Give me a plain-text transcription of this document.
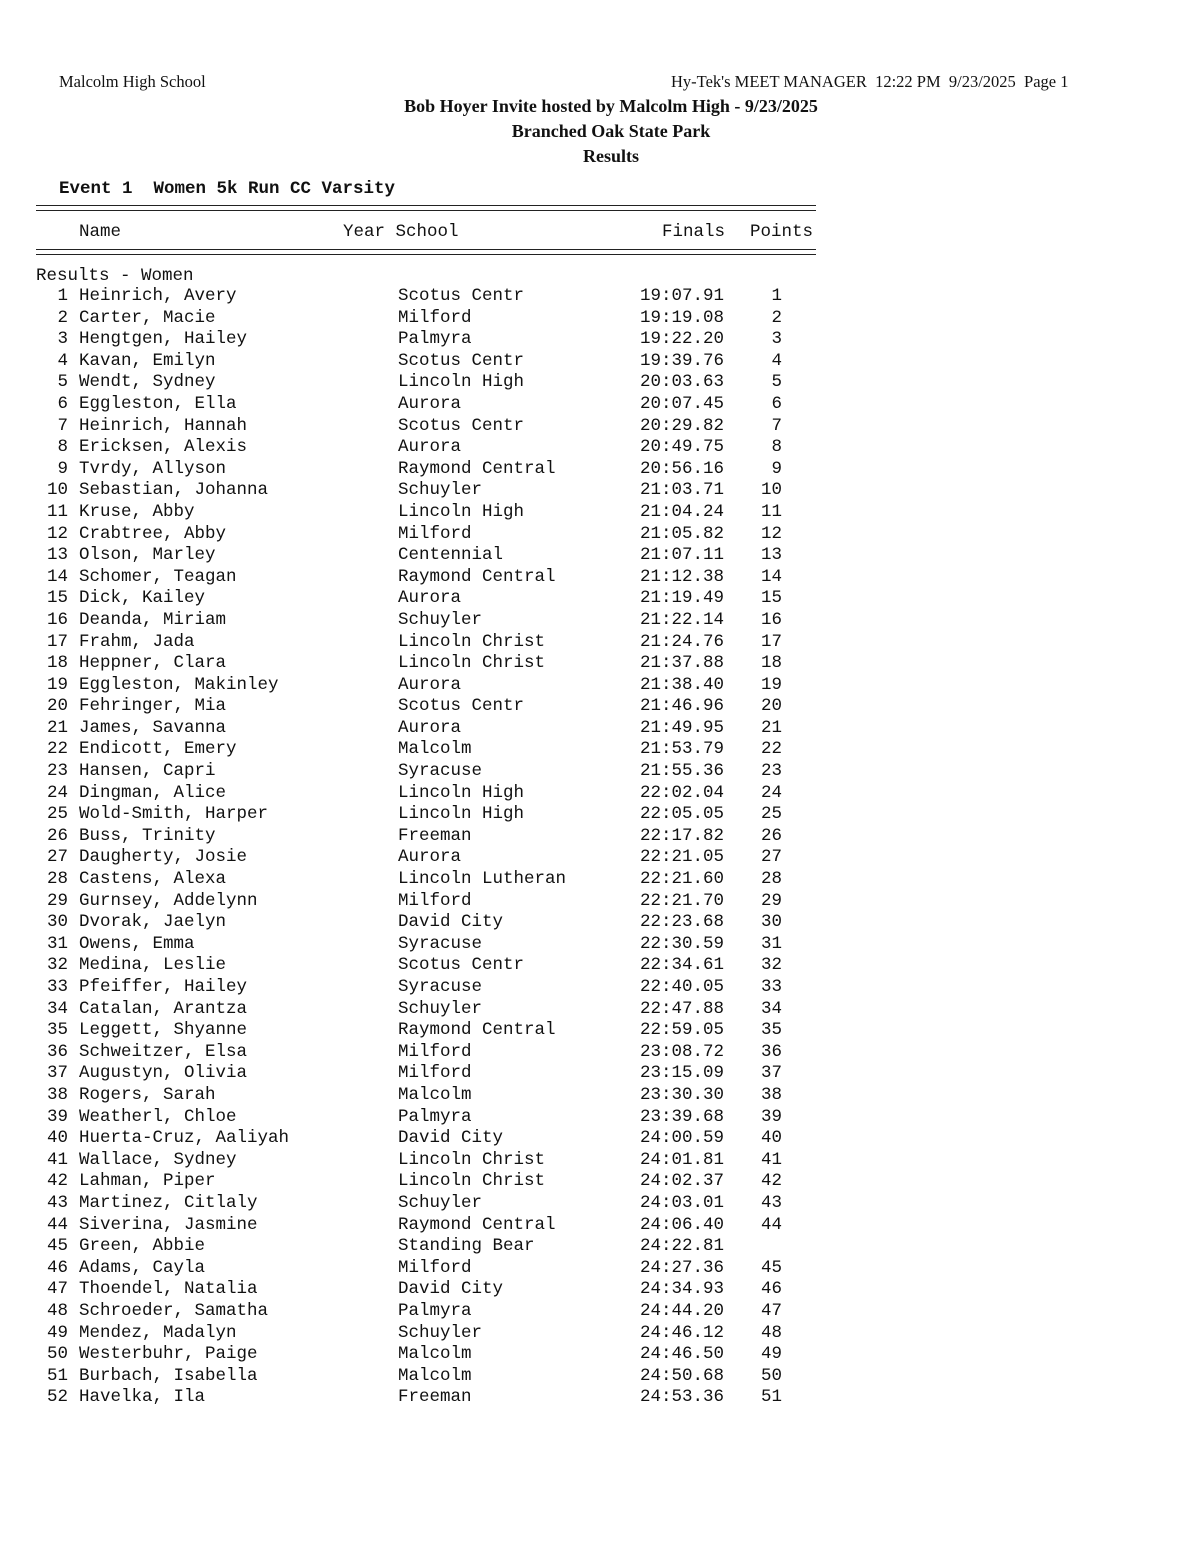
Malcolm High School	Hy-Tek's MEET MANAGER  12:22 PM  9/23/2025  Page 1
Bob Hoyer Invite hosted by Malcolm High - 9/23/2025
Branched Oak State Park
Results
Event 1  Women 5k Run CC Varsity
Name	Year School	Finals Points
Results - Women
1 Heinrich, Avery	Scotus Centr	19:07.91	1
2 Carter, Macie	Milford	19:19.08	2
3 Hengtgen, Hailey	Palmyra	19:22.20	3
4 Kavan, Emilyn	Scotus Centr	19:39.76	4
5 Wendt, Sydney	Lincoln High	20:03.63	5
6 Eggleston, Ella	Aurora	20:07.45	6
7 Heinrich, Hannah	Scotus Centr	20:29.82	7
8 Ericksen, Alexis	Aurora	20:49.75	8
9 Tvrdy, Allyson	Raymond Central	20:56.16	9
10 Sebastian, Johanna	Schuyler	21:03.71	10
11 Kruse, Abby	Lincoln High	21:04.24	11
12 Crabtree, Abby	Milford	21:05.82	12
13 Olson, Marley	Centennial	21:07.11	13
14 Schomer, Teagan	Raymond Central	21:12.38	14
15 Dick, Kailey	Aurora	21:19.49	15
16 Deanda, Miriam	Schuyler	21:22.14	16
17 Frahm, Jada	Lincoln Christ	21:24.76	17
18 Heppner, Clara	Lincoln Christ	21:37.88	18
19 Eggleston, Makinley	Aurora	21:38.40	19
20 Fehringer, Mia	Scotus Centr	21:46.96	20
21 James, Savanna	Aurora	21:49.95	21
22 Endicott, Emery	Malcolm	21:53.79	22
23 Hansen, Capri	Syracuse	21:55.36	23
24 Dingman, Alice	Lincoln High	22:02.04	24
25 Wold-Smith, Harper	Lincoln High	22:05.05	25
26 Buss, Trinity	Freeman	22:17.82	26
27 Daugherty, Josie	Aurora	22:21.05	27
28 Castens, Alexa	Lincoln Lutheran	22:21.60	28
29 Gurnsey, Addelynn	Milford	22:21.70	29
30 Dvorak, Jaelyn	David City	22:23.68	30
31 Owens, Emma	Syracuse	22:30.59	31
32 Medina, Leslie	Scotus Centr	22:34.61	32
33 Pfeiffer, Hailey	Syracuse	22:40.05	33
34 Catalan, Arantza	Schuyler	22:47.88	34
35 Leggett, Shyanne	Raymond Central	22:59.05	35
36 Schweitzer, Elsa	Milford	23:08.72	36
37 Augustyn, Olivia	Milford	23:15.09	37
38 Rogers, Sarah	Malcolm	23:30.30	38
39 Weatherl, Chloe	Palmyra	23:39.68	39
40 Huerta-Cruz, Aaliyah	David City	24:00.59	40
41 Wallace, Sydney	Lincoln Christ	24:01.81	41
42 Lahman, Piper	Lincoln Christ	24:02.37	42
43 Martinez, Citlaly	Schuyler	24:03.01	43
44 Siverina, Jasmine	Raymond Central	24:06.40	44
45 Green, Abbie	Standing Bear	24:22.81
46 Adams, Cayla	Milford	24:27.36	45
47 Thoendel, Natalia	David City	24:34.93	46
48 Schroeder, Samatha	Palmyra	24:44.20	47
49 Mendez, Madalyn	Schuyler	24:46.12	48
50 Westerbuhr, Paige	Malcolm	24:46.50	49
51 Burbach, Isabella	Malcolm	24:50.68	50
52 Havelka, Ila	Freeman	24:53.36	51
